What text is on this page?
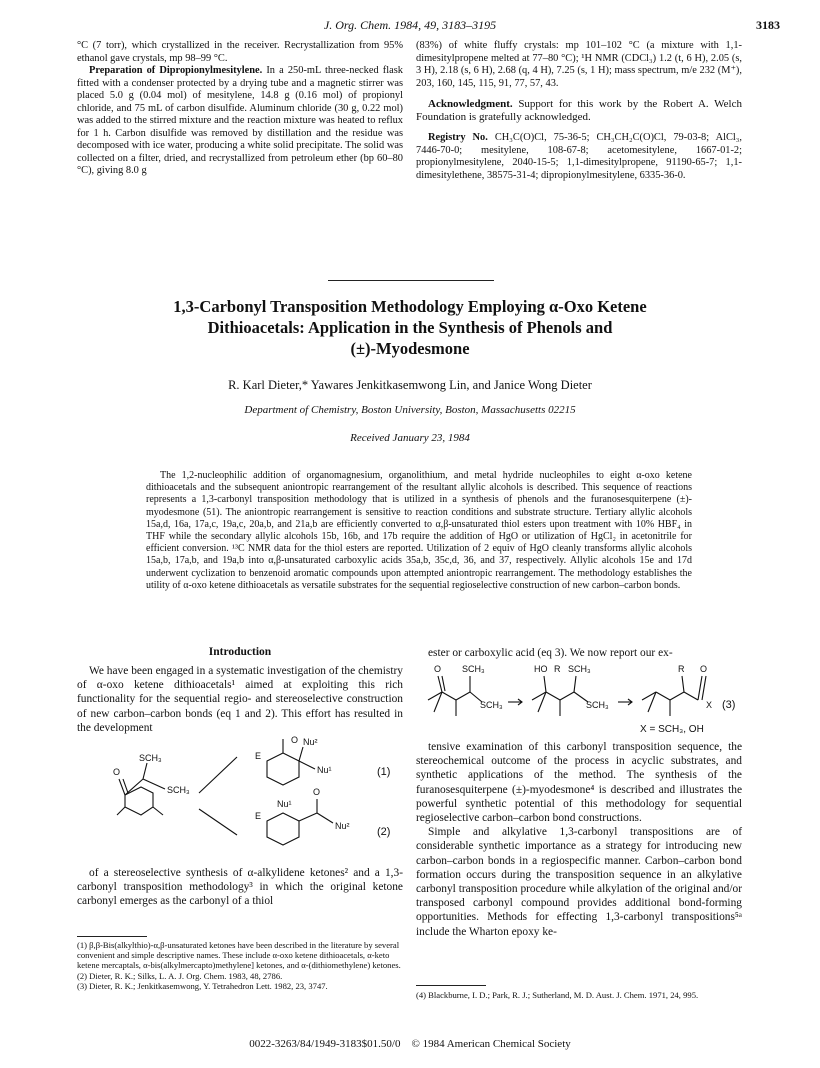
J. Org. Chem. 1984, 49, 3183–3195	3183

°C (7 torr), which crystallized in the receiver. Recrystallization from 95% ethanol gave crystals, mp 98–99 °C.

Preparation of Dipropionylmesitylene. In a 250-mL three-necked flask fitted with a condenser protected by a drying tube and a magnetic stirrer was placed 5.0 g (0.04 mol) of mesitylene, 14.8 g (0.16 mol) of propionyl chloride, and 75 mL of carbon disulfide. Aluminum chloride (30 g, 0.22 mol) was added to the stirred mixture and the reaction mixture was heated to reflux for 1 h. Carbon disulfide was removed by distillation and the residue was decomposed with ice water, producing a white solid precipitate. The solid was collected on a filter, dried, and recrystallized from petroleum ether (bp 60–80 °C), giving 8.0 g

(83%) of white fluffy crystals: mp 101–102 °C (a mixture with 1,1-dimesitylpropene melted at 77–80 °C); ¹H NMR (CDCl₃) 1.2 (t, 6 H), 2.05 (s, 3 H), 2.18 (s, 6 H), 2.68 (q, 4 H), 7.25 (s, 1 H); mass spectrum, m/e 232 (M⁺), 203, 160, 145, 115, 91, 77, 57, 43.

Acknowledgment. Support for this work by the Robert A. Welch Foundation is gratefully acknowledged.

Registry No. CH₃C(O)Cl, 75-36-5; CH₃CH₂C(O)Cl, 79-03-8; AlCl₃, 7446-70-0; mesitylene, 108-67-8; acetomesitylene, 1667-01-2; propionylmesitylene, 2040-15-5; 1,1-dimesitylpropene, 91190-65-7; 1,1-dimesitylethene, 38575-31-4; dipropionylmesitylene, 6335-36-0.

1,3-Carbonyl Transposition Methodology Employing α-Oxo Ketene
Dithioacetals: Application in the Synthesis of Phenols and
(±)-Myodesmone
R. Karl Dieter,* Yawares Jenkitkasemwong Lin, and Janice Wong Dieter
Department of Chemistry, Boston University, Boston, Massachusetts 02215
Received January 23, 1984
The 1,2-nucleophilic addition of organomagnesium, organolithium, and metal hydride nucleophiles to eight α-oxo ketene dithioacetals and the subsequent aniontropic rearrangement of the resultant allylic alcohols is described. This sequence of reactions represents a 1,3-carbonyl transposition methodology that is utilized in a synthesis of phenols and the furanosesquiterpene (±)-myodesmone (51). The aniontropic rearrangement is sensitive to reaction conditions and substrate structure. Tertiary allylic alcohols 15a,d, 16a, 17a,c, 19a,c, 20a,b, and 21a,b are efficiently converted to α,β-unsaturated thiol esters upon treatment with 10% HBF₄ in THF while the secondary allylic alcohols 15b, 16b, and 17b require the addition of HgO or utilization of HgCl₂ in acetonitrile for efficient conversion. ¹³C NMR data for the thiol esters are reported. Utilization of 2 equiv of HgO cleanly transforms allylic alcohols 15a,b, 17a,b, and 19a,b into α,β-unsaturated carboxylic acids 35a,b, 35c,d, 36, and 37, respectively. Allylic alcohols 15e and 17d underwent cyclization to benzenoid aromatic compounds upon attempted aniontropic rearrangement. The methodology establishes the utility of α-oxo ketene dithioacetals as versatile substrates for the sequential regioselective construction of new carbon–carbon bonds.
Introduction

We have been engaged in a systematic investigation of the chemistry of α-oxo ketene dithioacetals¹ aimed at exploiting this rich functionality for the sequential regio- and stereoselective construction of new carbon–carbon bonds (eq 1 and 2). This effort has resulted in the development

O
SCH₃
SCH₃
E
O Nu²
Nu¹
E
Nu¹
O
Nu²
(1)
(2)

of a stereoselective synthesis of α-alkylidene ketones² and a 1,3-carbonyl transposition methodology³ in which the original ketone carbonyl emerges as the carbonyl of a thiol

(1) β,β-Bis(alkylthio)-α,β-unsaturated ketones have been described in the literature by several convenient and simple descriptive names. These include α-oxo ketene dithioacetals, α-keto ketene mercaptals, α-bis(alkylmercapto)methylene] ketones, and α-(dithiomethylene) ketones.
(2) Dieter, R. K.; Silks, L. A. J. Org. Chem. 1983, 48, 2786.
(3) Dieter, R. K.; Jenkitkasemwong, Y. Tetrahedron Lett. 1982, 23, 3747.

ester or carboxylic acid (eq 3). We now report our ex-

O SCH₃
SCH₃
HO R SCH₃
SCH₃
R O
X (3)
X = SCH₃, OH

tensive examination of this carbonyl transposition sequence, the stereochemical outcome of the process in acyclic substrates, and synthetic applications of the method. The synthesis of the furanosesquiterpene (±)-myodesmone⁴ is described and illustrates the powerful synthetic potential of this methodology for sequential regioselective carbon–carbon bond constructions.

Simple and alkylative 1,3-carbonyl transpositions are of considerable synthetic importance as a strategy for introducing new carbon–carbon bonds in a regiospecific manner. Carbon–carbon bond formation occurs during the transposition sequence in an alkylative carbonyl transposition procedure while alkylation of the original and/or transposed carbonyl compound provides additional bond-forming opportunities. Methods for effecting 1,3-carbonyl transpositions⁵ᵃ include the Wharton epoxy ke-

(4) Blackburne, I. D.; Park, R. J.; Sutherland, M. D. Aust. J. Chem. 1971, 24, 995.
0022-3263/84/1949-3183$01.50/0 © 1984 American Chemical Society
